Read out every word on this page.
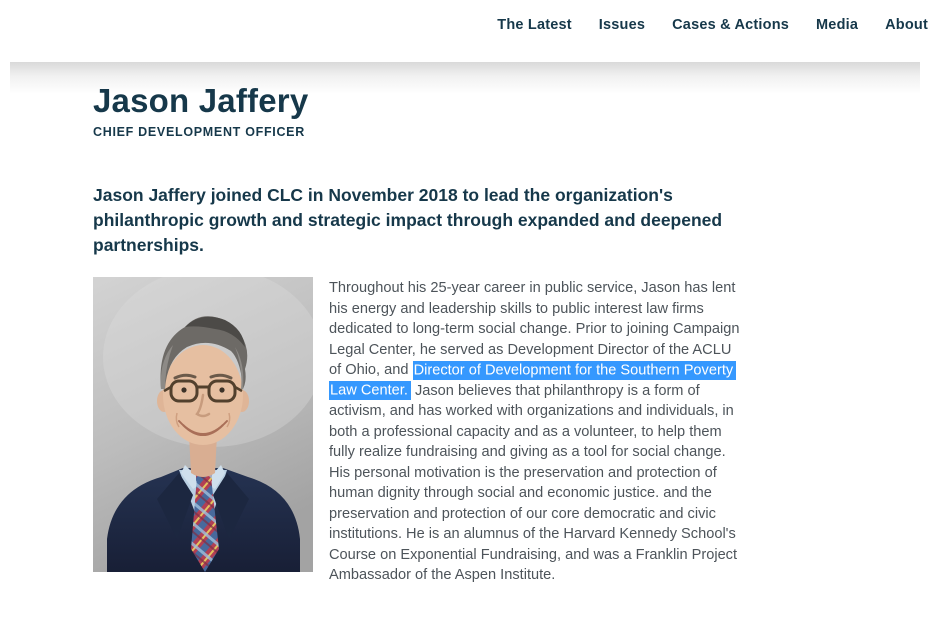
The Latest Issues Cases & Actions Media About
Jason Jaffery
CHIEF DEVELOPMENT OFFICER

Jason Jaffery joined CLC in November 2018 to lead the organization's philanthropic growth and strategic impact through expanded and deepened partnerships.

Throughout his 25-year career in public service, Jason has lent his energy and leadership skills to public interest law firms dedicated to long-term social change. Prior to joining Campaign Legal Center, he served as Development Director of the ACLU of Ohio, and Director of Development for the Southern Poverty Law Center. Jason believes that philanthropy is a form of activism, and has worked with organizations and individuals, in both a professional capacity and as a volunteer, to help them fully realize fundraising and giving as a tool for social change.
His personal motivation is the preservation and protection of human dignity through social and economic justice. and the preservation and protection of our core democratic and civic institutions. He is an alumnus of the Harvard Kennedy School's Course on Exponential Fundraising, and was a Franklin Project Ambassador of the Aspen Institute.
